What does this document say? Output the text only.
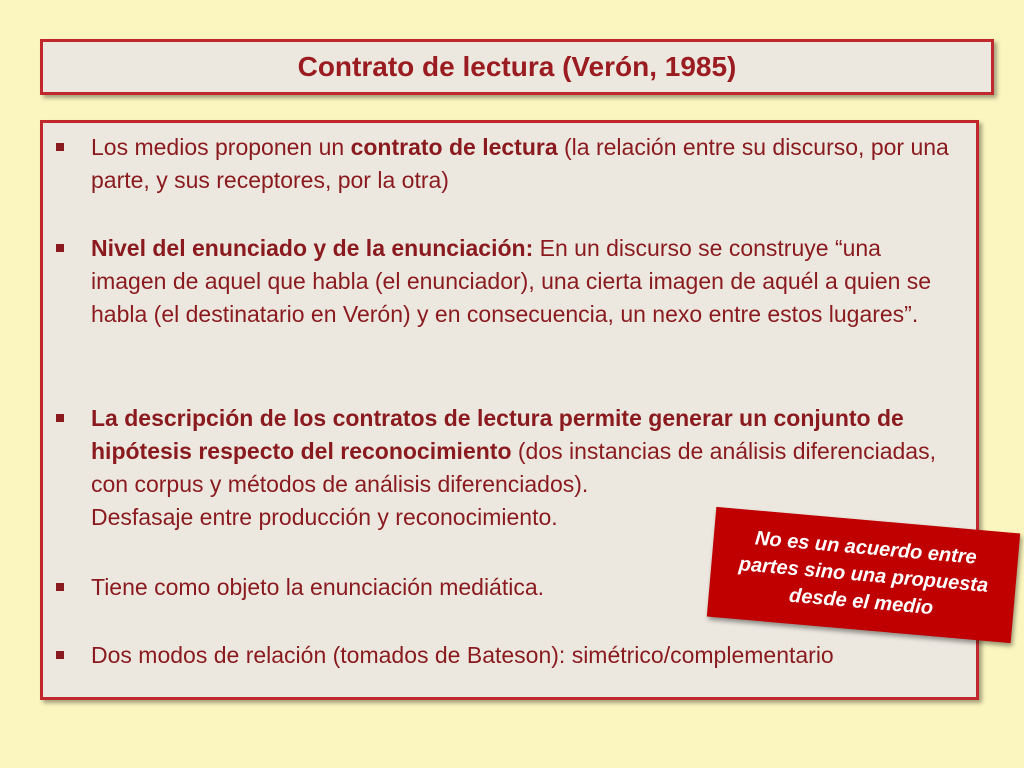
Contrato de lectura (Verón, 1985)
Los medios proponen un contrato de lectura (la relación entre su discurso, por una parte, y sus receptores, por la otra)
Nivel del enunciado y de la enunciación: En un discurso se construye “una imagen de aquel que habla (el enunciador), una cierta imagen de aquél a quien se habla (el destinatario en Verón) y en consecuencia, un nexo entre estos lugares”.
La descripción de los contratos de lectura permite generar un conjunto de hipótesis respecto del reconocimiento (dos instancias de análisis diferenciadas, con corpus y métodos de análisis diferenciados).
Desfasaje entre producción y reconocimiento.
Tiene como objeto la enunciación mediática.
Dos modos de relación (tomados de Bateson): simétrico/complementario

No es un acuerdo entre partes sino una propuesta desde el medio
